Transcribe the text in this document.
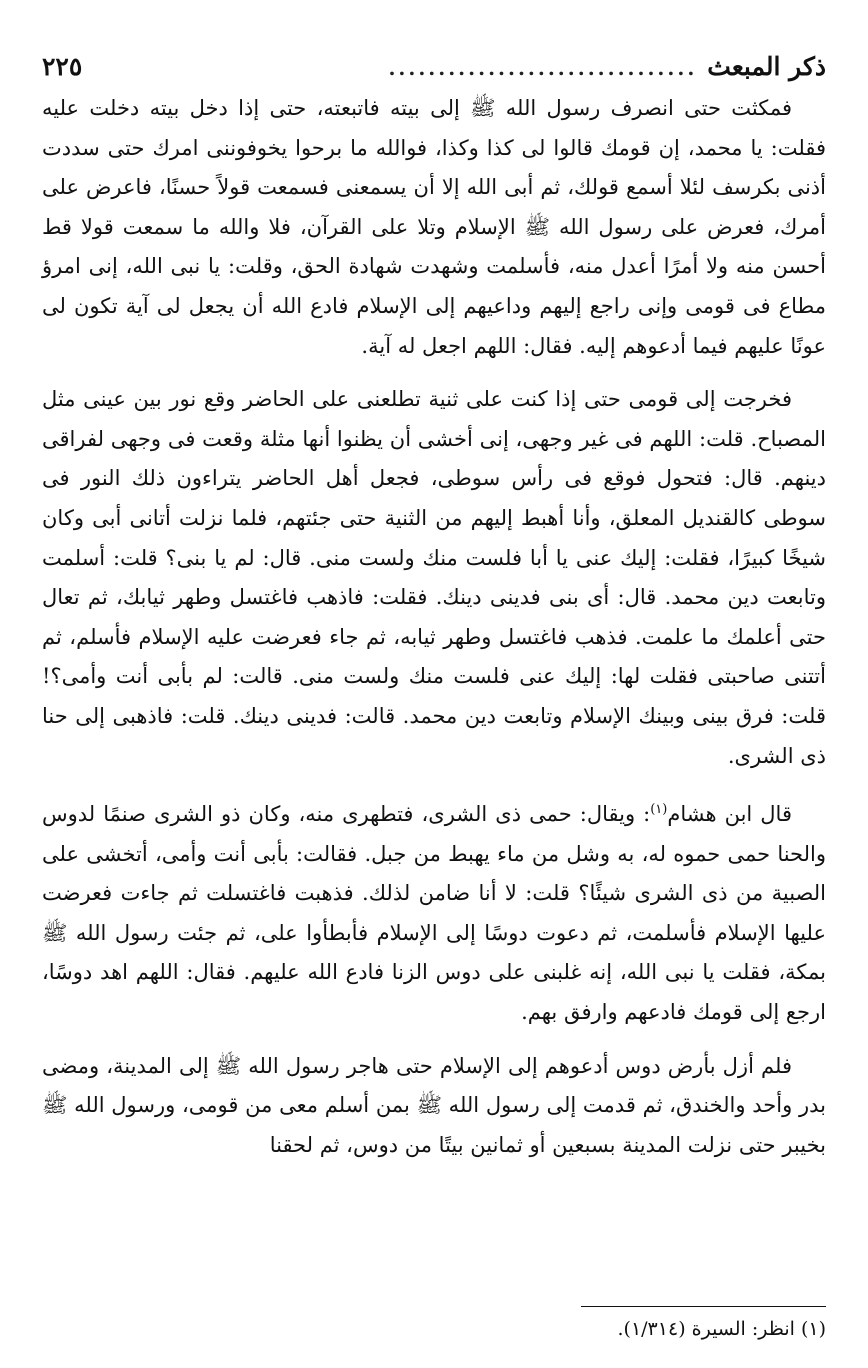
ذكر المبعث
...............................
٢٢٥

فمكثت حتى انصرف رسول الله ﷺ إلى بيته فاتبعته، حتى إذا دخل بيته دخلت عليه فقلت: يا محمد، إن قومك قالوا لى كذا وكذا، فوالله ما برحوا يخوفوننى امرك حتى سددت أذنى بكرسف لئلا أسمع قولك، ثم أبى الله إلا أن يسمعنى فسمعت قولاً حسنًا، فاعرض على أمرك، فعرض على رسول الله ﷺ الإسلام وتلا على القرآن، فلا والله ما سمعت قولا قط أحسن منه ولا أمرًا أعدل منه، فأسلمت وشهدت شهادة الحق، وقلت: يا نبى الله، إنى امرؤ مطاع فى قومى وإنى راجع إليهم وداعيهم إلى الإسلام فادع الله أن يجعل لى آية تكون لى عونًا عليهم فيما أدعوهم إليه. فقال: اللهم اجعل له آية.

فخرجت إلى قومى حتى إذا كنت على ثنية تطلعنى على الحاضر وقع نور بين عينى مثل المصباح. قلت: اللهم فى غير وجهى، إنى أخشى أن يظنوا أنها مثلة وقعت فى وجهى لفراقى دينهم. قال: فتحول فوقع فى رأس سوطى، فجعل أهل الحاضر يتراءون ذلك النور فى سوطى كالقنديل المعلق، وأنا أهبط إليهم من الثنية حتى جئتهم، فلما نزلت أتانى أبى وكان شيخًا كبيرًا، فقلت: إليك عنى يا أبا فلست منك ولست منى. قال: لم يا بنى؟ قلت: أسلمت وتابعت دين محمد. قال: أى بنى فدينى دينك. فقلت: فاذهب فاغتسل وطهر ثيابك، ثم تعال حتى أعلمك ما علمت. فذهب فاغتسل وطهر ثيابه، ثم جاء فعرضت عليه الإسلام فأسلم، ثم أتتنى صاحبتى فقلت لها: إليك عنى فلست منك ولست منى. قالت: لم بأبى أنت وأمى؟! قلت: فرق بينى وبينك الإسلام وتابعت دين محمد. قالت: فدينى دينك. قلت: فاذهبى إلى حنا ذى الشرى.

قال ابن هشام$^{(١)}$: ويقال: حمى ذى الشرى، فتطهرى منه، وكان ذو الشرى صنمًا لدوس والحنا حمى حموه له، به وشل من ماء يهبط من جبل. فقالت: بأبى أنت وأمى، أتخشى على الصبية من ذى الشرى شيئًا؟ قلت: لا أنا ضامن لذلك. فذهبت فاغتسلت ثم جاءت فعرضت عليها الإسلام فأسلمت، ثم دعوت دوسًا إلى الإسلام فأبطأوا على، ثم جئت رسول الله ﷺ بمكة، فقلت يا نبى الله، إنه غلبنى على دوس الزنا فادع الله عليهم. فقال: اللهم اهد دوسًا، ارجع إلى قومك فادعهم وارفق بهم.

فلم أزل بأرض دوس أدعوهم إلى الإسلام حتى هاجر رسول الله ﷺ إلى المدينة، ومضى بدر وأحد والخندق، ثم قدمت إلى رسول الله ﷺ بمن أسلم معى من قومى، ورسول الله ﷺ بخيبر حتى نزلت المدينة بسبعين أو ثمانين بيتًا من دوس، ثم لحقنا

(١) انظر: السيرة (١/٣١٤).
